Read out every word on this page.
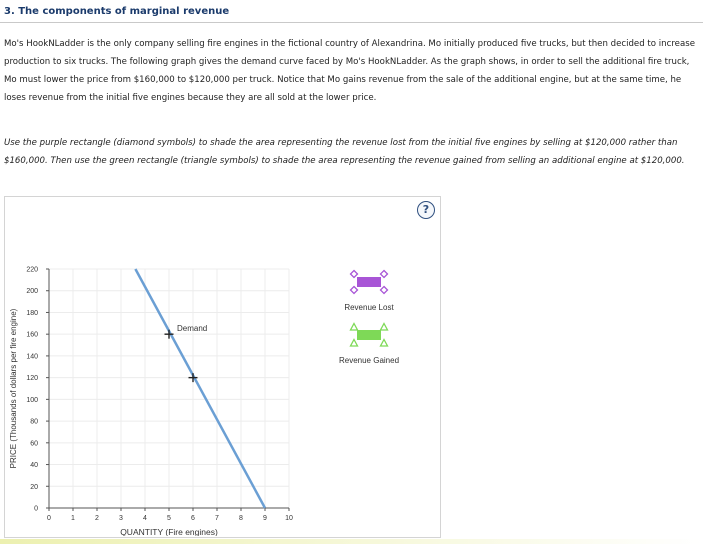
3. The components of marginal revenue

Mo's HookNLadder is the only company selling fire engines in the fictional country of Alexandrina. Mo initially produced five trucks, but then decided to increase production to six trucks. The following graph gives the demand curve faced by Mo's HookNLadder. As the graph shows, in order to sell the additional fire truck, Mo must lower the price from $160,000 to $120,000 per truck. Notice that Mo gains revenue from the sale of the additional engine, but at the same time, he loses revenue from the initial five engines because they are all sold at the lower price.

Use the purple rectangle (diamond symbols) to shade the area representing the revenue lost from the initial five engines by selling at $120,000 rather than $160,000. Then use the green rectangle (triangle symbols) to shade the area representing the revenue gained from selling an additional engine at $120,000.

?
0	1	2	3	4	5	6	7	8	9	10
0
20
40
60
80
100
120
140
160
180
200
220
QUANTITY (Fire engines)
PRICE (Thousands of dollars per fire engine)	Demand
Revenue Lost
Revenue Gained
